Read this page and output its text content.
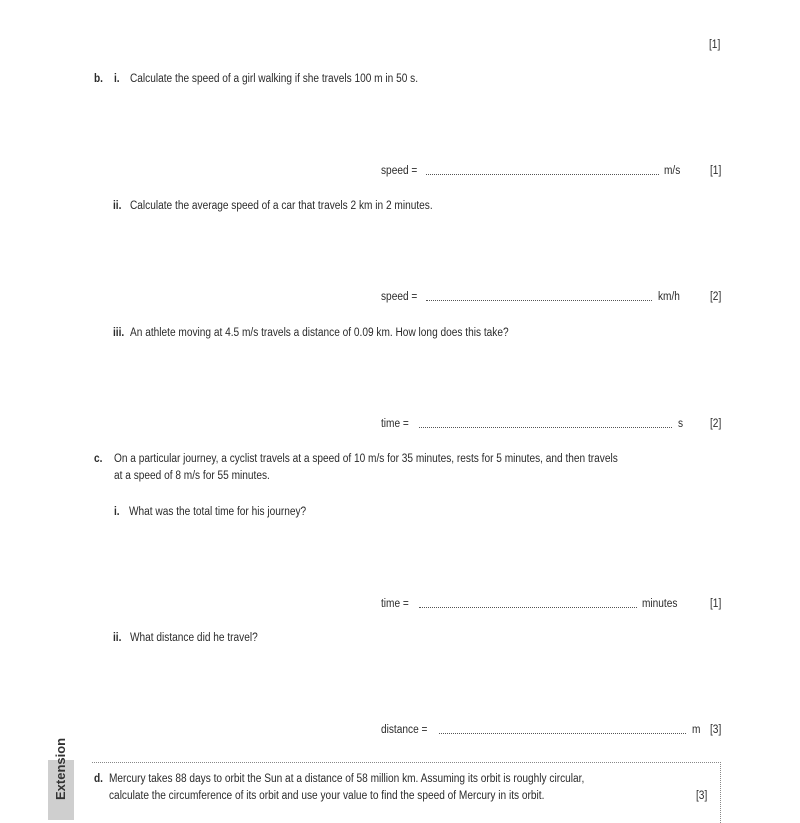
[1]
b. i. Calculate the speed of a girl walking if she travels 100 m in 50 s.
speed =	m/s	[1]
ii. Calculate the average speed of a car that travels 2 km in 2 minutes.
speed =	km/h	[2]
iii. An athlete moving at 4.5 m/s travels a distance of 0.09 km. How long does this take?
time =	s [2]
c. On a particular journey, a cyclist travels at a speed of 10 m/s for 35 minutes, rests for 5 minutes, and then travels
at a speed of 8 m/s for 55 minutes.
i. What was the total time for his journey?
time =	minutes	[1]
ii. What distance did he travel?
distance =	m [3]
Extension d. Mercury takes 88 days to orbit the Sun at a distance of 58 million km. Assuming its orbit is roughly circular,
calculate the circumference of its orbit and use your value to find the speed of Mercury in its orbit.	[3]
